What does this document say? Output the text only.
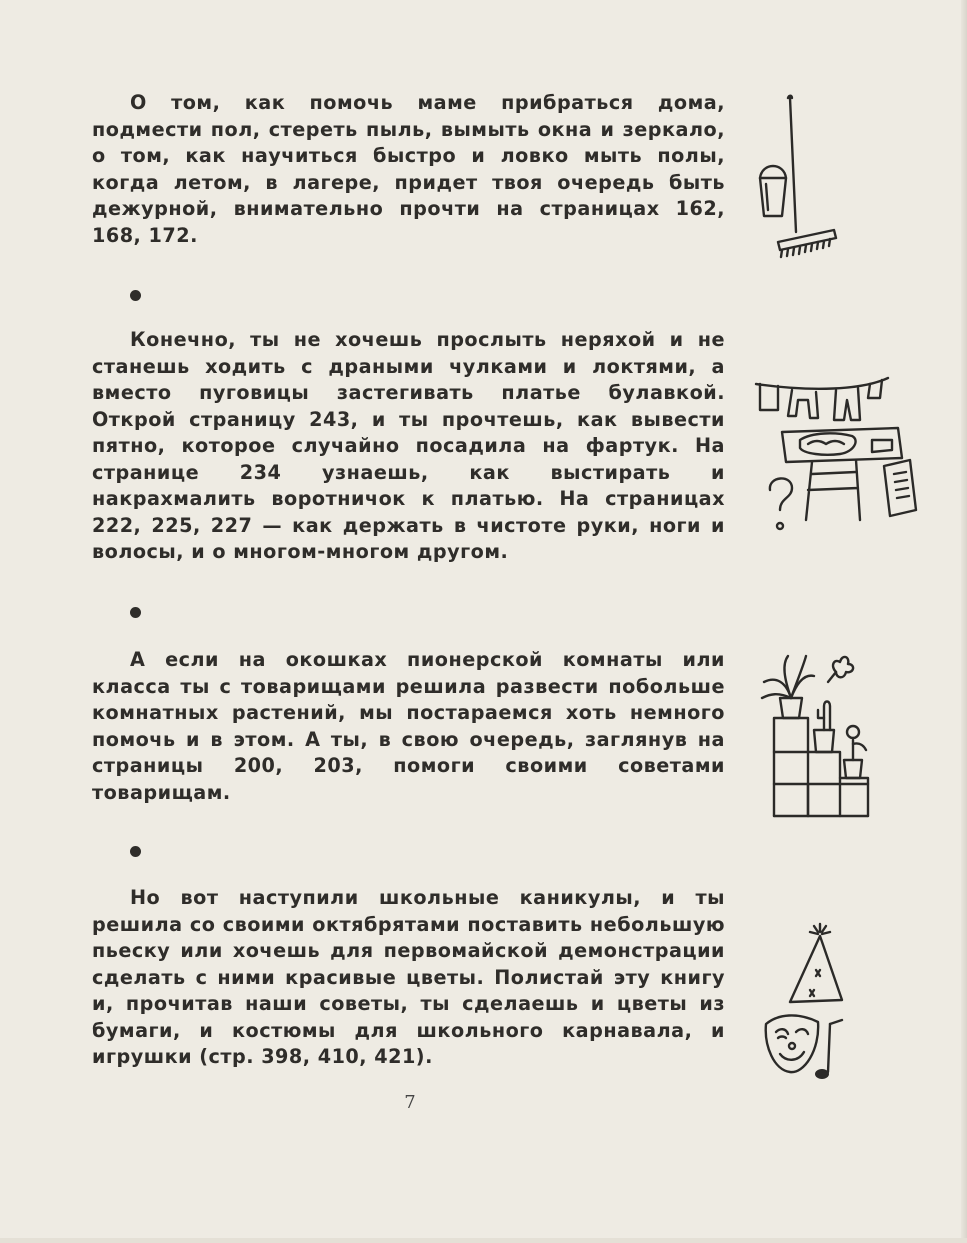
О том, как помочь маме прибраться дома, подмести пол, стереть пыль, вымыть окна и зеркало, о том, как научиться быстро и ловко мыть полы, когда летом, в лагере, придет твоя очередь быть дежурной, внимательно прочти на страницах 162, 168, 172.

Конечно, ты не хочешь прослыть неряхой и не станешь ходить с драными чулками и локтями, а вместо пуговицы застегивать платье булавкой. Открой страницу 243, и ты прочтешь, как вывести пятно, которое случайно посадила на фартук. На странице 234 узнаешь, как выстирать и накрахмалить воротничок к платью. На страницах 222, 225, 227 — как держать в чистоте руки, ноги и волосы, и о многом-многом другом.

А если на окошках пионерской комнаты или класса ты с товарищами решила развести побольше комнатных растений, мы постараемся хоть немного помочь и в этом. А ты, в свою очередь, заглянув на страницы 200, 203, помоги своими советами товарищам.

Но вот наступили школьные каникулы, и ты решила со своими октябрятами поставить небольшую пьеску или хочешь для первомайской демонстрации сделать с ними красивые цветы. Полистай эту книгу и, прочитав наши советы, ты сделаешь и цветы из бумаги, и костюмы для школьного карнавала, и игрушки (стр. 398, 410, 421).

7
